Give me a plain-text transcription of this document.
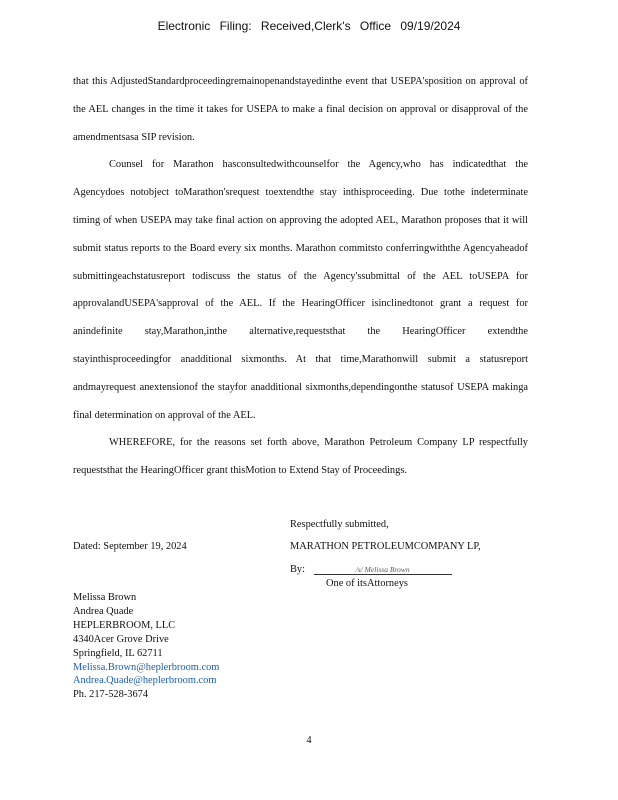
Electronic Filing: Received,Clerk's Office 09/19/2024

that this AdjustedStandardproceedingremainopenandstayedinthe event that USEPA'sposition on approval of the AEL changes in the time it takes for USEPA to make a final decision on approval or disapproval of the amendmentsasa SIP revision.

Counsel for Marathon hasconsultedwithcounselfor the Agency,who has indicatedthat the Agencydoes notobject toMarathon'srequest toextendthe stay inthisproceeding. Due tothe indeterminate timing of when USEPA may take final action on approving the adopted AEL, Marathon proposes that it will submit status reports to the Board every six months. Marathon commitsto conferringwiththe Agencyaheadof submittingeachstatusreport todiscuss the status of the Agency'ssubmittal of the AEL toUSEPA for approvalandUSEPA'sapproval of the AEL. If the HearingOfficer isinclinedtonot grant a request for anindefinite stay,Marathon,inthe alternative,requeststhat the HearingOfficer extendthe stayinthisproceedingfor anadditional sixmonths. At that time,Marathonwill submit a statusreport andmayrequest anextensionof the stayfor anadditional sixmonths,dependingonthe statusof USEPA makinga final determination on approval of the AEL.

WHEREFORE, for the reasons set forth above, Marathon Petroleum Company LP respectfully requeststhat the HearingOfficer grant thisMotion to Extend Stay of Proceedings.

Respectfully submitted,
Dated: September 19, 2024	MARATHON PETROLEUMCOMPANY LP,
By:	/s/ Melissa Brown
One of itsAttorneys
Melissa Brown
Andrea Quade
HEPLERBROOM, LLC
4340Acer Grove Drive
Springfield, IL 62711
Melissa.Brown@heplerbroom.com
Andrea.Quade@heplerbroom.com
Ph. 217-528-3674
4
